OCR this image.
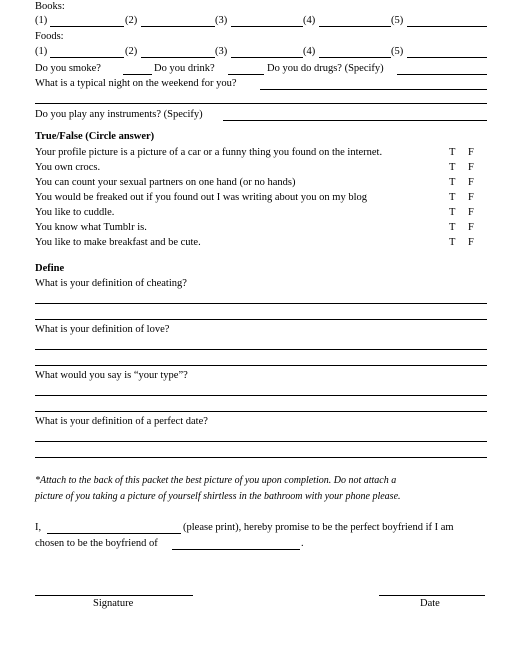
Books:
(1)	(2)	(3)	(4)	(5)
Foods:
(1)	(2)	(3)	(4)	(5)
Do you smoke?	Do you drink?	Do you do drugs? (Specify)
What is a typical night on the weekend for you?
Do you play any instruments? (Specify)
True/False (Circle answer)
Your profile picture is a picture of a car or a funny thing you found on the internet.	T F
You own crocs.	T F
You can count your sexual partners on one hand (or no hands)	T F
You would be freaked out if you found out I was writing about you on my blog	T F
You like to cuddle.	T F
You know what Tumblr is.	T F
You like to make breakfast and be cute.	T F
Define
What is your definition of cheating?
What is your definition of love?
What would you say is “your type”?
What is your definition of a perfect date?
*Attach to the back of this packet the best picture of you upon completion. Do not attach a
picture of you taking a picture of yourself shirtless in the bathroom with your phone please.
I,	(please print), hereby promise to be the perfect boyfriend if I am
chosen to be the boyfriend of	.
Signature	Date
